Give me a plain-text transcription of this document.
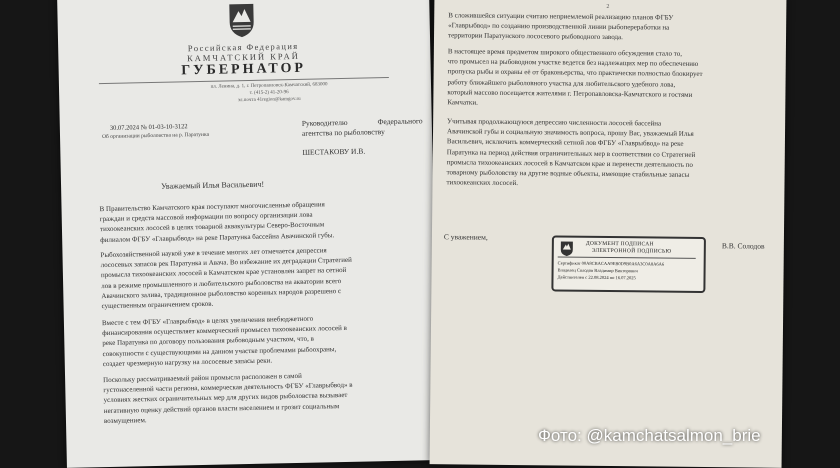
Российская Федерация
КАМЧАТСКИЙ КРАЙ
ГУБЕРНАТОР
пл. Ленина, д. 1, г. Петропавловск-Камчатский, 683000
т. (415-2) 41-20-96
эл.почта 41region@kamgov.ru
30.07.2024 № 01-03-10-3122
Об организации рыболовства на р. Паратунка
Руководителю                Федерального
агентства по рыболовству
ШЕСТАКОВУ И.В.
Уважаемый Илья Васильевич!
В Правительство Камчатского края поступают многочисленные обращения
граждан и средств массовой информации по вопросу организации лова
тихоокеанских лососей в целях товарной аквакультуры Северо-Восточным
филиалом ФГБУ «Главрыбвод» на реке Паратунка бассейна Авачинской губы.
Рыбохозяйственной наукой уже в течение многих лет отмечается депрессия
лососевых запасов рек Паратунка и Авача. Во избежание их деградации Стратегией
промысла тихоокеанских лососей в Камчатском крае установлен запрет на сетной
лов в режиме промышленного и любительского рыболовства на акватории всего
Авачинского залива, традиционное рыболовство коренных народов разрешено с
существенным ограничением сроков.
Вместе с тем ФГБУ «Главрыбвод» в целях увеличения внебюджетного
финансирования осуществляет коммерческий промысел тихоокеанских лососей в
реке Паратунка по договору пользования рыбоводным участком, что, в
совокупности с существующими на данном участке проблемами рыбоохраны,
создает чрезмерную нагрузку на лососевые запасы реки.
Поскольку рассматриваемый район промысла расположен в самой
густонаселенной части региона, коммерческая деятельность ФГБУ «Главрыбвод» в
условиях жестких ограничительных мер для других видов рыболовства вызывает
негативную оценку действий органов власти населением и грозит социальным
возмущением.
2
В сложившейся ситуации считаю неприемлемой реализацию планов ФГБУ
«Главрыбвод» по созданию производственной линии рыбопереработки на
территории Паратунского лососевого рыбоводного завода.
В настоящее время предметом широкого общественного обсуждения стало то,
что промысел на рыбоводном участке ведется без надлежащих мер по обеспечению
пропуска рыбы и охраны её от браконьерства, что практически полностью блокирует
работу ближайшего рыболовного участка для любительского удебного лова,
который массово посещается жителями г. Петропавловска-Камчатского и гостями
Камчатки.
Учитывая продолжающуюся депрессию численности лососей бассейна
Авачинской губы и социальную значимость вопроса, прошу Вас, уважаемый Илья
Васильевич, исключить коммерческий сетной лов ФГБУ «Главрыбвод» на реке
Паратунка на период действия ограничительных мер в соответствии со Стратегией
промысла тихоокеанских лососей в Камчатском крае и перенести деятельность по
товарному рыболовству на другие водные объекты, имеющие стабильные запасы
тихоокеанских лососей.
С уважением,
ДОКУМЕНТ ПОДПИСАН
ЭЛЕКТРОННОЙ ПОДПИСЬЮ
Сертификат 00A8CBACAA9EB0D9B0A6A3C0A8A6A6
Владелец Солодов Владимир Викторович
Действителен с 22.08.2024 по 16.07.2025
В.В. Солодов
Фото: @kamchatsalmon_brie
